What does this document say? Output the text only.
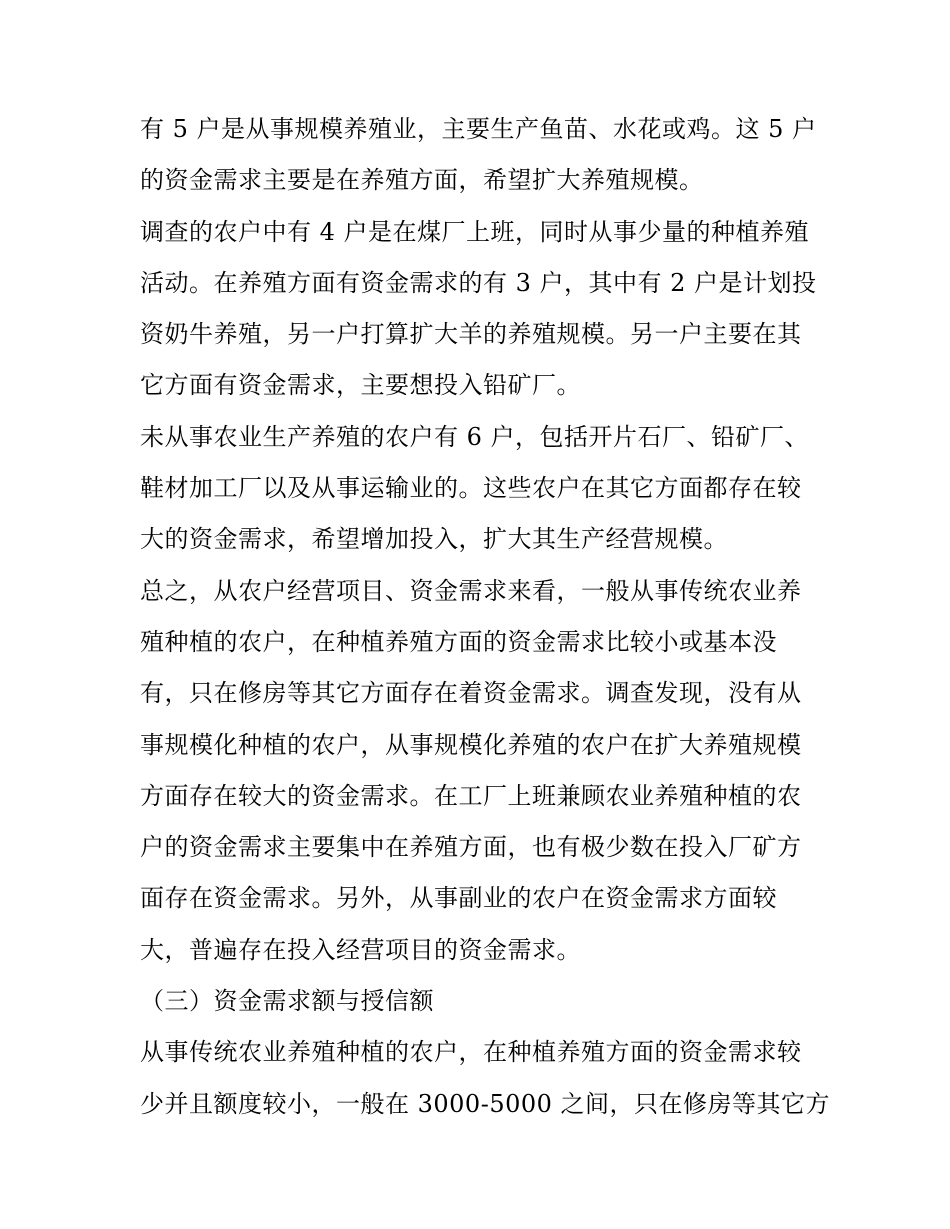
有 5 户是从事规模养殖业，主要生产鱼苗、水花或鸡。这 5 户
的资金需求主要是在养殖方面，希望扩大养殖规模。
调查的农户中有 4 户是在煤厂上班，同时从事少量的种植养殖
活动。在养殖方面有资金需求的有 3 户，其中有 2 户是计划投
资奶牛养殖，另一户打算扩大羊的养殖规模。另一户主要在其
它方面有资金需求，主要想投入铅矿厂。
未从事农业生产养殖的农户有 6 户，包括开片石厂、铅矿厂、
鞋材加工厂以及从事运输业的。这些农户在其它方面都存在较
大的资金需求，希望增加投入，扩大其生产经营规模。
总之，从农户经营项目、资金需求来看，一般从事传统农业养
殖种植的农户，在种植养殖方面的资金需求比较小或基本没
有，只在修房等其它方面存在着资金需求。调查发现，没有从
事规模化种植的农户，从事规模化养殖的农户在扩大养殖规模
方面存在较大的资金需求。在工厂上班兼顾农业养殖种植的农
户的资金需求主要集中在养殖方面，也有极少数在投入厂矿方
面存在资金需求。另外，从事副业的农户在资金需求方面较
大，普遍存在投入经营项目的资金需求。
（三）资金需求额与授信额
从事传统农业养殖种植的农户，在种植养殖方面的资金需求较
少并且额度较小，一般在 3000-5000 之间，只在修房等其它方
